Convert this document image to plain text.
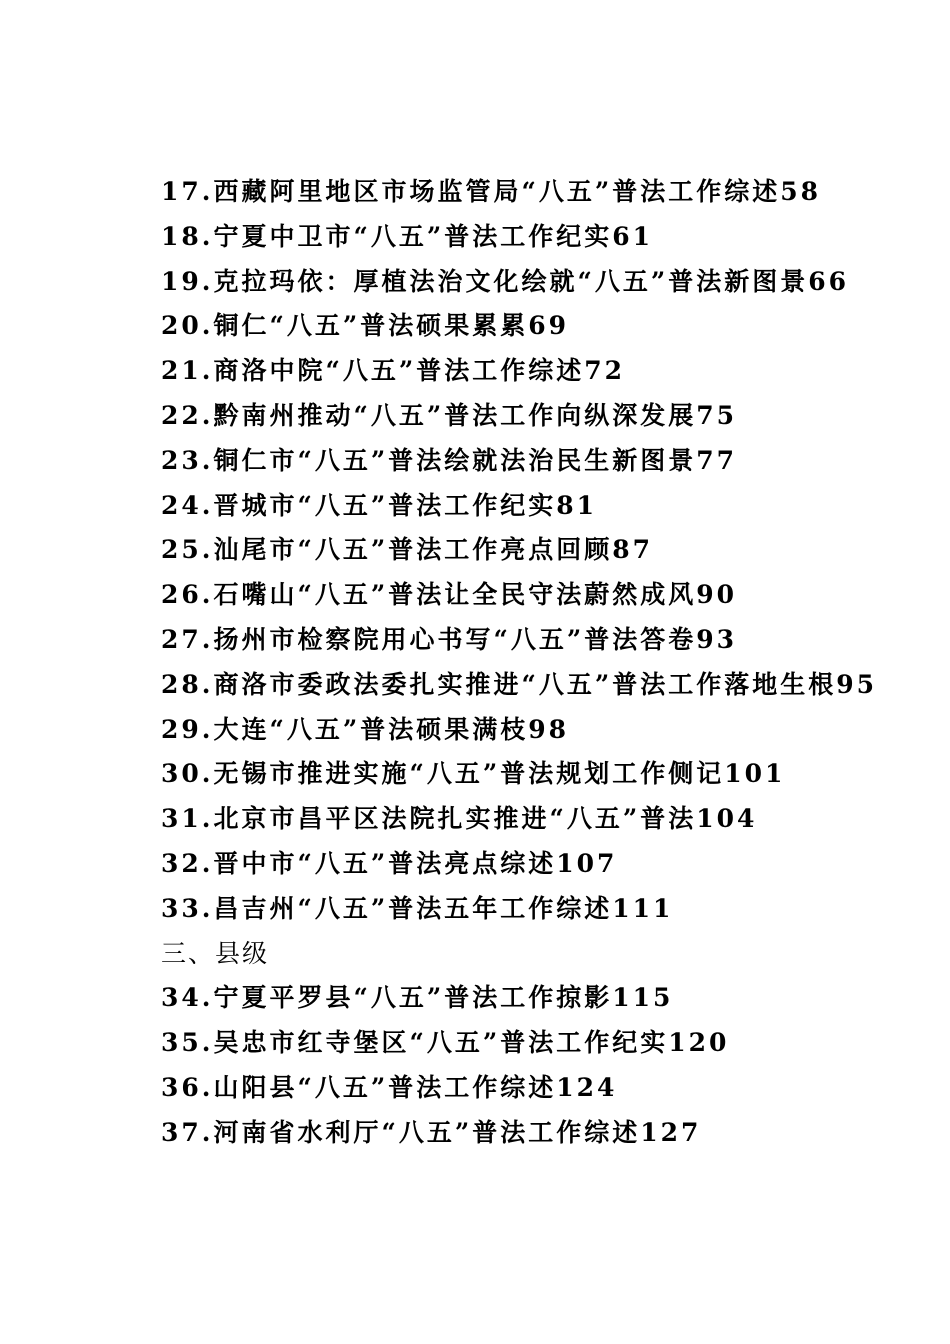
17.西藏阿里地区市场监管局“八五”普法工作综述58
18.宁夏中卫市“八五”普法工作纪实61
19.克拉玛依：厚植法治文化绘就“八五”普法新图景66
20.铜仁“八五”普法硕果累累69
21.商洛中院“八五”普法工作综述72
22.黔南州推动“八五”普法工作向纵深发展75
23.铜仁市“八五”普法绘就法治民生新图景77
24.晋城市“八五”普法工作纪实81
25.汕尾市“八五”普法工作亮点回顾87
26.石嘴山“八五”普法让全民守法蔚然成风90
27.扬州市检察院用心书写“八五”普法答卷93
28.商洛市委政法委扎实推进“八五”普法工作落地生根95
29.大连“八五”普法硕果满枝98
30.无锡市推进实施“八五”普法规划工作侧记101
31.北京市昌平区法院扎实推进“八五”普法104
32.晋中市“八五”普法亮点综述107
33.昌吉州“八五”普法五年工作综述111
三、县级
34.宁夏平罗县“八五”普法工作掠影115
35.吴忠市红寺堡区“八五”普法工作纪实120
36.山阳县“八五”普法工作综述124
37.河南省水利厅“八五”普法工作综述127
